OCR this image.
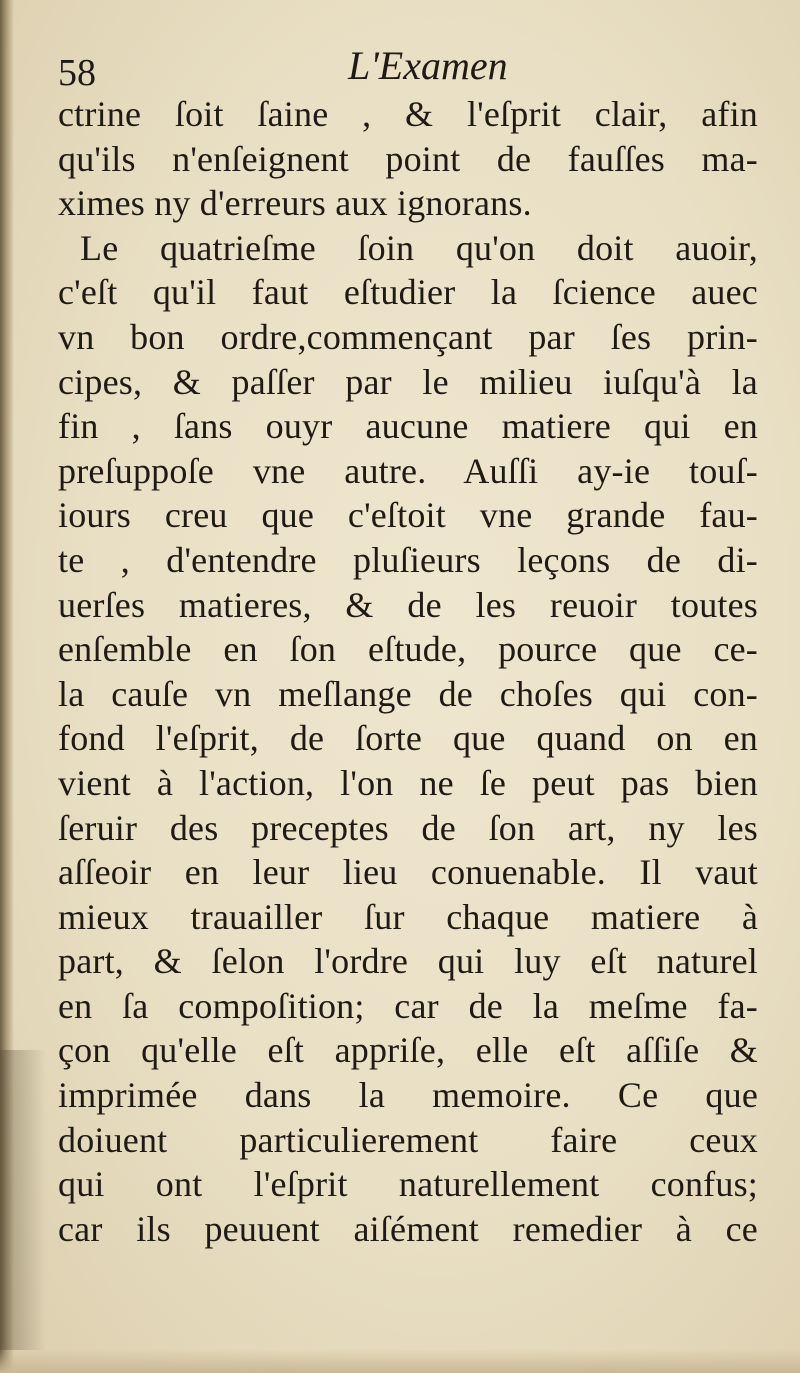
58	L'Examen
ctrine ſoit ſaine , & l'eſprit clair, afin
qu'ils n'enſeignent point de fauſſes ma-
ximes ny d'erreurs aux ignorans.
Le quatrieſme ſoin qu'on doit auoir,
c'eſt qu'il faut eſtudier la ſcience auec
vn bon ordre,commençant par ſes prin-
cipes, & paſſer par le milieu iuſqu'à la
fin , ſans ouyr aucune matiere qui en
preſuppoſe vne autre. Auſſi ay-ie touſ-
iours creu que c'eſtoit vne grande fau-
te , d'entendre pluſieurs leçons de di-
uerſes matieres, & de les reuoir toutes
enſemble en ſon eſtude, pource que ce-
la cauſe vn meſlange de choſes qui con-
fond l'eſprit, de ſorte que quand on en
vient à l'action, l'on ne ſe peut pas bien
ſeruir des preceptes de ſon art, ny les
aſſeoir en leur lieu conuenable. Il vaut
mieux trauailler ſur chaque matiere à
part, & ſelon l'ordre qui luy eſt naturel
en ſa compoſition; car de la meſme fa-
çon qu'elle eſt appriſe, elle eſt aſſiſe &
imprimée dans la memoire. Ce que
doiuent particulierement faire ceux
qui ont l'eſprit naturellement confus;
car ils peuuent aiſément remedier à ce
